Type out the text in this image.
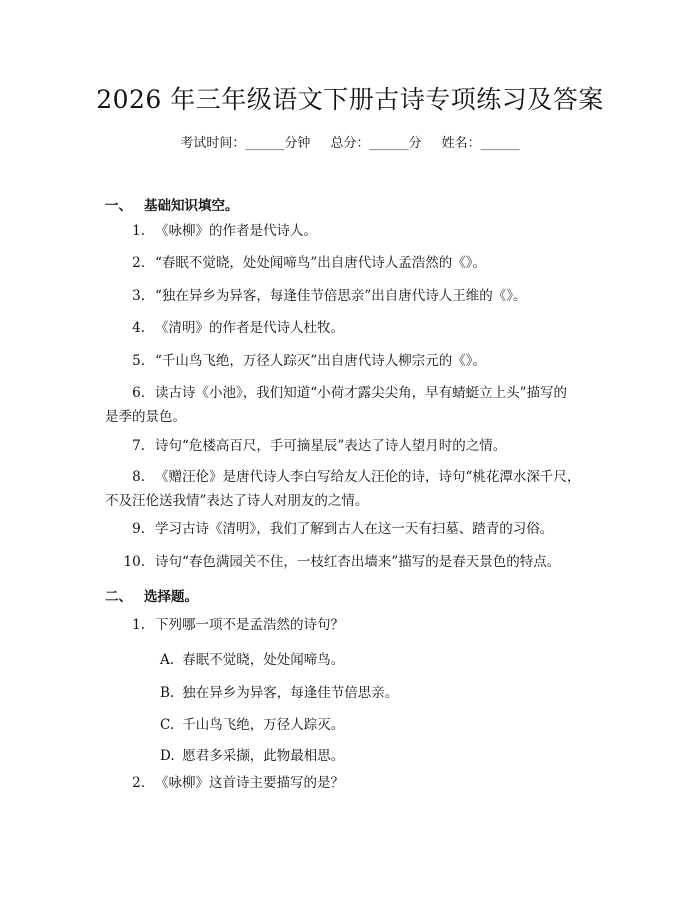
2026 年三年级语文下册古诗专项练习及答案
考试时间：______分钟 总分：______分 姓名：______
一、 基础知识填空。
1. 《咏柳》的作者是代诗人。
2. “春眠不觉晓，处处闻啼鸟”出自唐代诗人孟浩然的《》。
3. “独在异乡为异客，每逢佳节倍思亲”出自唐代诗人王维的《》。
4. 《清明》的作者是代诗人杜牧。
5. “千山鸟飞绝，万径人踪灭”出自唐代诗人柳宗元的《》。
6. 读古诗《小池》，我们知道“小荷才露尖尖角，早有蜻蜓立上头”描写的
是季的景色。
7. 诗句“危楼高百尺，手可摘星辰”表达了诗人望月时的之情。
8. 《赠汪伦》是唐代诗人李白写给友人汪伦的诗，诗句“桃花潭水深千尺，
不及汪伦送我情”表达了诗人对朋友的之情。
9. 学习古诗《清明》，我们了解到古人在这一天有扫墓、踏青的习俗。
10. 诗句“春色满园关不住，一枝红杏出墙来”描写的是春天景色的特点。
二、 选择题。
1. 下列哪一项不是孟浩然的诗句？
A. 春眠不觉晓，处处闻啼鸟。
B. 独在异乡为异客，每逢佳节倍思亲。
C. 千山鸟飞绝，万径人踪灭。
D. 愿君多采撷，此物最相思。
2. 《咏柳》这首诗主要描写的是？
